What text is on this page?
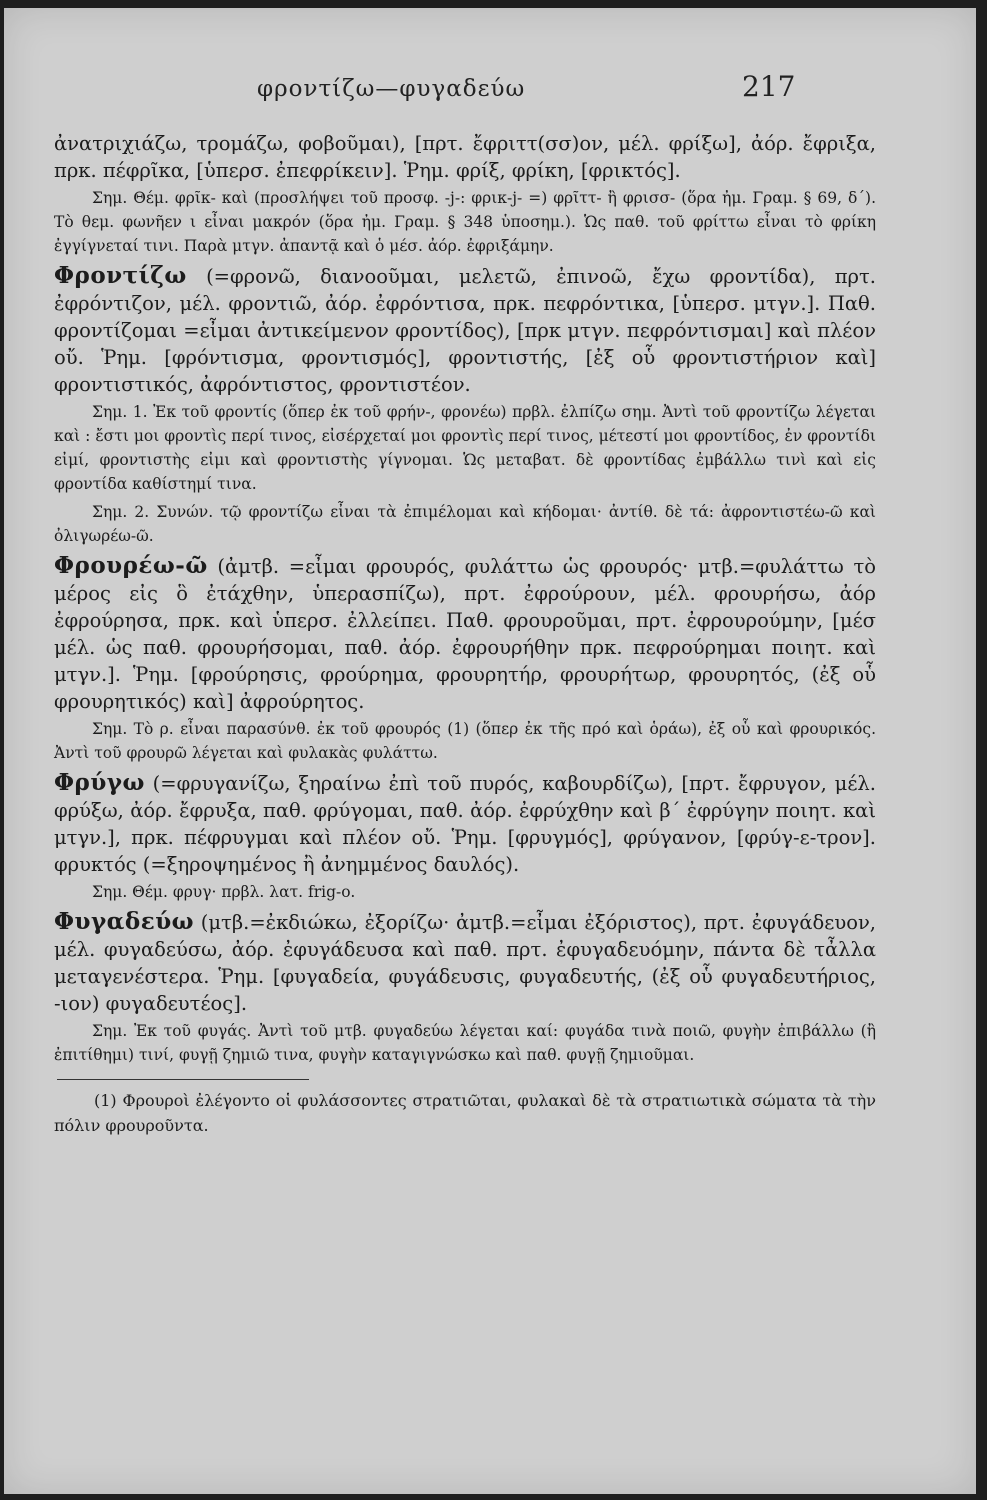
φροντίζω—φυγαδεύω	217

ἀνατριχιάζω, τρομάζω, φοβοῦμαι), [πρτ. ἔφριττ(σσ)ον, μέλ. φρίξω], ἀόρ. ἔφριξα, πρκ. πέφρῖκα, [ὑπερσ. ἐπεφρίκειν]. Ῥημ. φρίξ, φρίκη, [φρικτός].

Σημ. Θέμ. φρῖκ- καὶ (προσλήψει τοῦ προσφ. -j-: φρικ-j- =) φρῖττ- ἢ φρισσ- (ὅρα ἠμ. Γραμ. § 69, δ΄). Τὸ θεμ. φωνῆεν ι εἶναι μακρόν (ὅρα ἠμ. Γραμ. § 348 ὑποσημ.). Ὡς παθ. τοῦ φρίττω εἶναι τὸ φρίκη ἐγγίγνεταί τινι. Παρὰ μτγν. ἀπαντᾷ καὶ ὁ μέσ. ἀόρ. ἐφριξάμην.

Φροντίζω (=φρονῶ, διανοοῦμαι, μελετῶ, ἐπινοῶ, ἔχω φροντίδα), πρτ. ἐφρόντιζον, μέλ. φροντιῶ, ἀόρ. ἐφρόντισα, πρκ. πεφρόντικα, [ὑπερσ. μτγν.]. Παθ. φροντίζομαι =εἶμαι ἀντικείμενον φροντίδος), [πρκ μτγν. πεφρόντισμαι] καὶ πλέον οὔ. Ῥημ. [φρόντισμα, φροντισμός], φροντιστής, [ἐξ οὗ φροντιστήριον καὶ] φροντιστικός, ἀφρόντιστος, φροντιστέον.

Σημ. 1. Ἐκ τοῦ φροντίς (ὅπερ ἐκ τοῦ φρήν-, φρονέω) πρβλ. ἐλπίζω σημ. Ἀντὶ τοῦ φροντίζω λέγεται καὶ : ἔστι μοι φροντὶς περί τινος, εἰσέρχεταί μοι φροντὶς περί τινος, μέτεστί μοι φροντίδος, ἐν φροντίδι εἰμί, φροντιστὴς εἰμι καὶ φροντιστὴς γίγνομαι. Ὡς μεταβατ. δὲ φροντίδας ἐμβάλλω τινὶ καὶ εἰς φροντίδα καθίστημί τινα.

Σημ. 2. Συνών. τῷ φροντίζω εἶναι τὰ ἐπιμέλομαι καὶ κήδομαι· ἀντίθ. δὲ τά: ἀφροντιστέω-ῶ καὶ ὀλιγωρέω-ῶ.

Φρουρέω-ῶ (ἀμτβ. =εἶμαι φρουρός, φυλάττω ὡς φρουρός· μτβ.=φυλάττω τὸ μέρος εἰς ὃ ἐτάχθην, ὑπερασπίζω), πρτ. ἐφρούρουν, μέλ. φρουρήσω, ἀόρ ἐφρούρησα, πρκ. καὶ ὑπερσ. ἐλλείπει. Παθ. φρουροῦμαι, πρτ. ἐφρουρούμην, [μέσ μέλ. ὡς παθ. φρουρήσομαι, παθ. ἀόρ. ἐφρουρήθην πρκ. πεφρούρημαι ποιητ. καὶ μτγν.]. Ῥημ. [φρούρησις, φρούρημα, φρουρητήρ, φρουρήτωρ, φρουρητός, (ἐξ οὗ φρουρητικός) καὶ] ἀφρούρητος.

Σημ. Τὸ ρ. εἶναι παρασύνθ. ἐκ τοῦ φρουρός (1) (ὅπερ ἐκ τῆς πρό καὶ ὁράω), ἐξ οὗ καὶ φρουρικός. Ἀντὶ τοῦ φρουρῶ λέγεται καὶ φυλακὰς φυλάττω.

Φρύγω (=φρυγανίζω, ξηραίνω ἐπὶ τοῦ πυρός, καβουρδίζω), [πρτ. ἔφρυγον, μέλ. φρύξω, ἀόρ. ἔφρυξα, παθ. φρύγομαι, παθ. ἀόρ. ἐφρύχθην καὶ β΄ ἐφρύγην ποιητ. καὶ μτγν.], πρκ. πέφρυγμαι καὶ πλέον οὔ. Ῥημ. [φρυγμός], φρύγανον, [φρύγ-ε-τρον]. φρυκτός (=ξηροψημένος ἢ ἀνημμένος δαυλός).

Σημ. Θέμ. φρυγ· πρβλ. λατ. frig-o.

Φυγαδεύω (μτβ.=ἐκδιώκω, ἐξορίζω· ἀμτβ.=εἶμαι ἐξόριστος), πρτ. ἐφυγάδευον, μέλ. φυγαδεύσω, ἀόρ. ἐφυγάδευσα καὶ παθ. πρτ. ἐφυγαδευόμην, πάντα δὲ τἆλλα μεταγενέστερα. Ῥημ. [φυγαδεία, φυγάδευσις, φυγαδευτής, (ἐξ οὗ φυγαδευτήριος, -ιον) φυγαδευτέος].

Σημ. Ἐκ τοῦ φυγάς. Ἀντὶ τοῦ μτβ. φυγαδεύω λέγεται καί: φυγάδα τινὰ ποιῶ, φυγὴν ἐπιβάλλω (ἢ ἐπιτίθημι) τινί, φυγῇ ζημιῶ τινα, φυγὴν καταγιγνώσκω καὶ παθ. φυγῇ ζημιοῦμαι.

(1) Φρουροὶ ἐλέγοντο οἱ φυλάσσοντες στρατιῶται, φυλακαὶ δὲ τὰ στρατιωτικὰ σώματα τὰ τὴν πόλιν φρουροῦντα.
